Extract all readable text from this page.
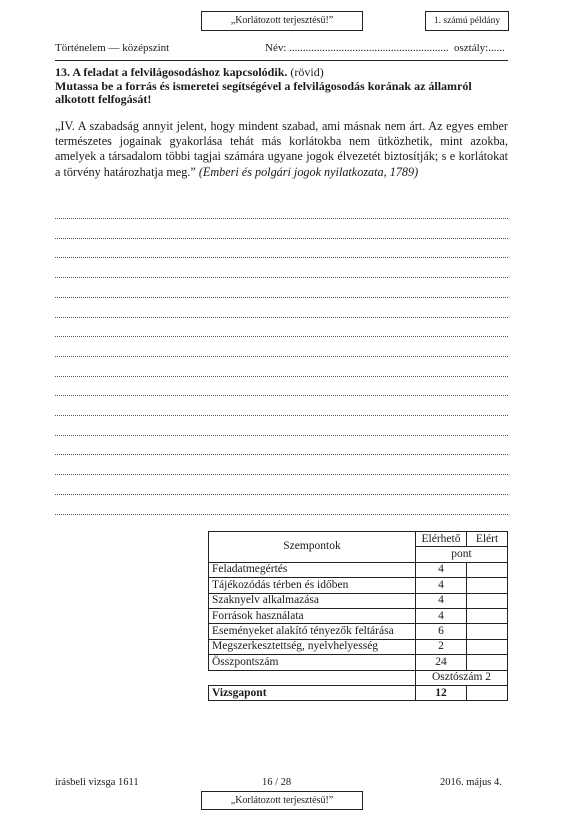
„Korlátozott terjesztésű!”	1. számú példány
Történelem — középszint	Név: .......................................................... osztály:......
13. A feladat a felvilágosodáshoz kapcsolódik. (rövid)
Mutassa be a forrás és ismeretei segítségével a felvilágosodás korának az államról alkotott felfogását!
„IV. A szabadság annyit jelent, hogy mindent szabad, ami másnak nem árt. Az egyes ember természetes jogainak gyakorlása tehát más korlátokba nem ütközhetik, mint azokba, amelyek a társadalom többi tagjai számára ugyane jogok élvezetét biztosítják; s e korlátokat a törvény határozhatja meg.” (Emberi és polgári jogok nyilatkozata, 1789)
Szempontok	Elérhető	Elért
	pont	
Feladatmegértés	4	
Tájékozódás térben és időben	4	
Szaknyelv alkalmazása	4	
Források használata	4	
Eseményeket alakító tényezők feltárása	6	
Megszerkesztettség, nyelvhelyesség	2	
Összpontszám	24	
	Osztószám 2	
Vizsgapont	12	
írásbeli vizsga 1611	16 / 28	2016. május 4.
„Korlátozott terjesztésű!”
